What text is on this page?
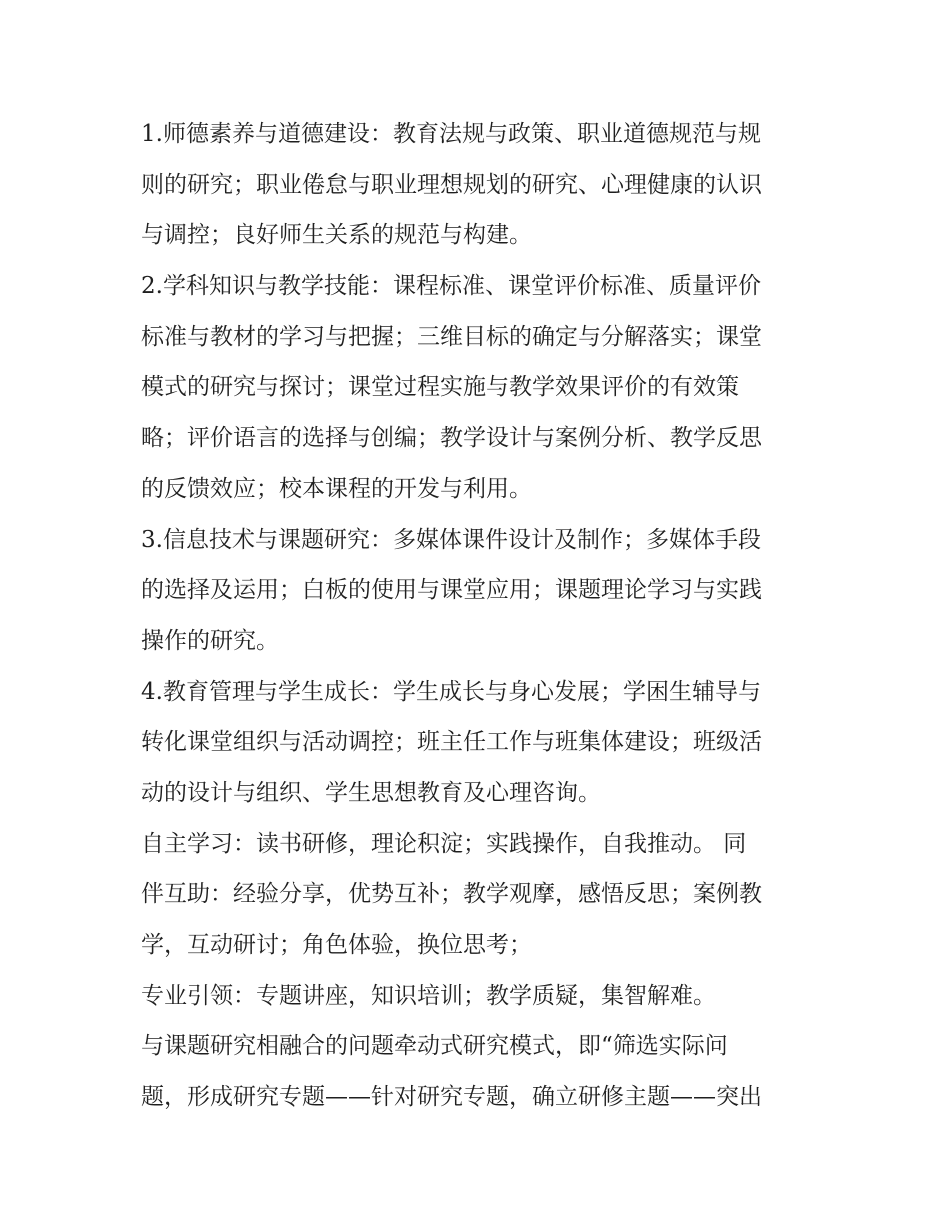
1.师德素养与道德建设：教育法规与政策、职业道德规范与规
则的研究；职业倦怠与职业理想规划的研究、心理健康的认识
与调控；良好师生关系的规范与构建。
2.学科知识与教学技能：课程标准、课堂评价标准、质量评价
标准与教材的学习与把握；三维目标的确定与分解落实；课堂
模式的研究与探讨；课堂过程实施与教学效果评价的有效策
略；评价语言的选择与创编；教学设计与案例分析、教学反思
的反馈效应；校本课程的开发与利用。
3.信息技术与课题研究：多媒体课件设计及制作；多媒体手段
的选择及运用；白板的使用与课堂应用；课题理论学习与实践
操作的研究。
4.教育管理与学生成长：学生成长与身心发展；学困生辅导与
转化课堂组织与活动调控；班主任工作与班集体建设；班级活
动的设计与组织、学生思想教育及心理咨询。
自主学习：读书研修，理论积淀；实践操作，自我推动。 同
伴互助：经验分享，优势互补；教学观摩，感悟反思；案例教
学，互动研讨；角色体验，换位思考；
专业引领：专题讲座，知识培训；教学质疑，集智解难。
与课题研究相融合的问题牵动式研究模式，即“筛选实际问
题，形成研究专题——针对研究专题，确立研修主题——突出
